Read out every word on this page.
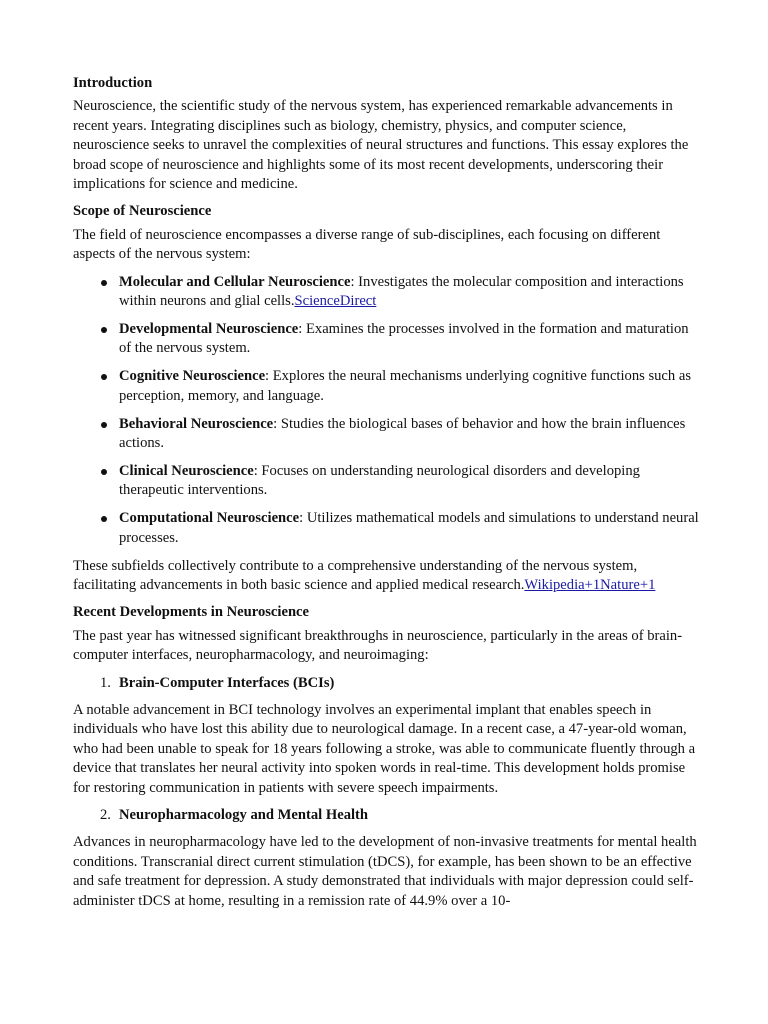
Introduction

Neuroscience, the scientific study of the nervous system, has experienced remarkable advancements in recent years. Integrating disciplines such as biology, chemistry, physics, and computer science, neuroscience seeks to unravel the complexities of neural structures and functions. This essay explores the broad scope of neuroscience and highlights some of its most recent developments, underscoring their implications for science and medicine.

Scope of Neuroscience

The field of neuroscience encompasses a diverse range of sub-disciplines, each focusing on different aspects of the nervous system:

Molecular and Cellular Neuroscience: Investigates the molecular composition and interactions within neurons and glial cells.ScienceDirect
Developmental Neuroscience: Examines the processes involved in the formation and maturation of the nervous system.
Cognitive Neuroscience: Explores the neural mechanisms underlying cognitive functions such as perception, memory, and language.
Behavioral Neuroscience: Studies the biological bases of behavior and how the brain influences actions.
Clinical Neuroscience: Focuses on understanding neurological disorders and developing therapeutic interventions.
Computational Neuroscience: Utilizes mathematical models and simulations to understand neural processes.

These subfields collectively contribute to a comprehensive understanding of the nervous system, facilitating advancements in both basic science and applied medical research.Wikipedia+1Nature+1

Recent Developments in Neuroscience

The past year has witnessed significant breakthroughs in neuroscience, particularly in the areas of brain-computer interfaces, neuropharmacology, and neuroimaging:

1. Brain-Computer Interfaces (BCIs)

A notable advancement in BCI technology involves an experimental implant that enables speech in individuals who have lost this ability due to neurological damage. In a recent case, a 47-year-old woman, who had been unable to speak for 18 years following a stroke, was able to communicate fluently through a device that translates her neural activity into spoken words in real-time. This development holds promise for restoring communication in patients with severe speech impairments.

2. Neuropharmacology and Mental Health

Advances in neuropharmacology have led to the development of non-invasive treatments for mental health conditions. Transcranial direct current stimulation (tDCS), for example, has been shown to be an effective and safe treatment for depression. A study demonstrated that individuals with major depression could self-administer tDCS at home, resulting in a remission rate of 44.9% over a 10-
